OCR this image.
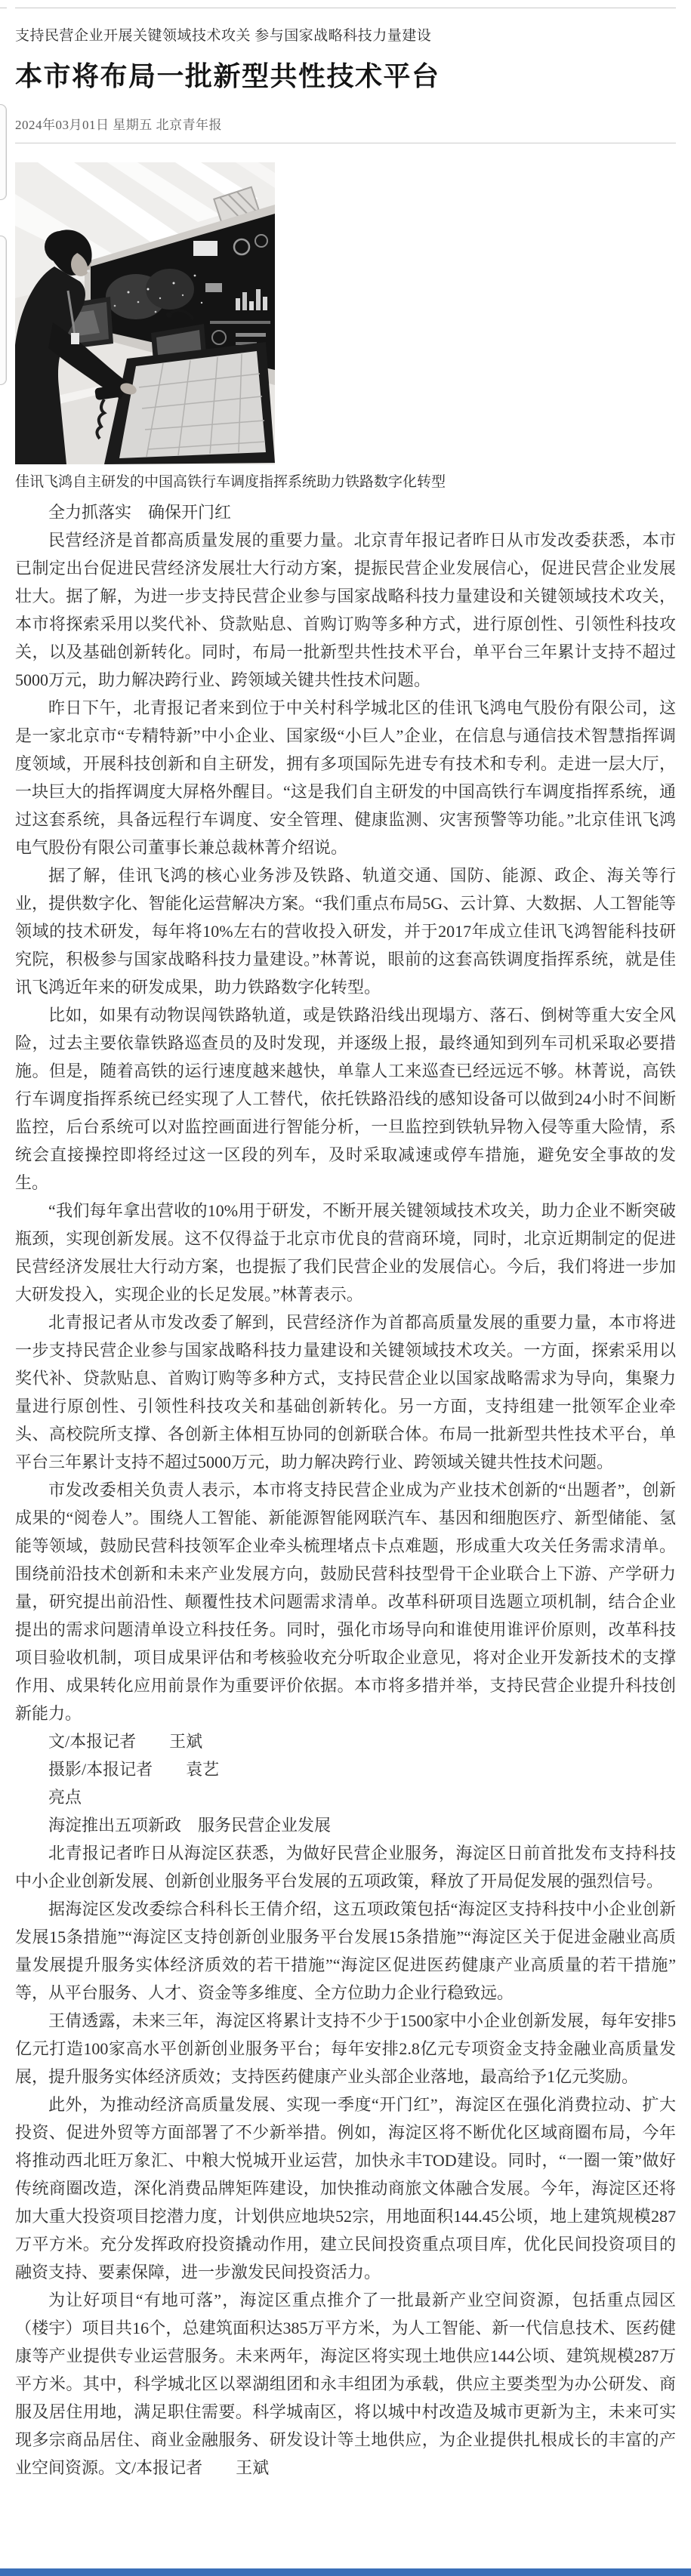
支持民营企业开展关键领域技术攻关 参与国家战略科技力量建设
本市将布局一批新型共性技术平台
2024年03月01日 星期五 北京青年报
佳讯飞鸿自主研发的中国高铁行车调度指挥系统助力铁路数字化转型

全力抓落实　确保开门红

民营经济是首都高质量发展的重要力量。北京青年报记者昨日从市发改委获悉，本市已制定出台促进民营经济发展壮大行动方案，提振民营企业发展信心，促进民营企业发展壮大。据了解，为进一步支持民营企业参与国家战略科技力量建设和关键领域技术攻关，本市将探索采用以奖代补、贷款贴息、首购订购等多种方式，进行原创性、引领性科技攻关，以及基础创新转化。同时，布局一批新型共性技术平台，单平台三年累计支持不超过5000万元，助力解决跨行业、跨领域关键共性技术问题。

昨日下午，北青报记者来到位于中关村科学城北区的佳讯飞鸿电气股份有限公司，这是一家北京市“专精特新”中小企业、国家级“小巨人”企业，在信息与通信技术智慧指挥调度领域，开展科技创新和自主研发，拥有多项国际先进专有技术和专利。走进一层大厅，一块巨大的指挥调度大屏格外醒目。“这是我们自主研发的中国高铁行车调度指挥系统，通过这套系统，具备远程行车调度、安全管理、健康监测、灾害预警等功能。”北京佳讯飞鸿电气股份有限公司董事长兼总裁林菁介绍说。

据了解，佳讯飞鸿的核心业务涉及铁路、轨道交通、国防、能源、政企、海关等行业，提供数字化、智能化运营解决方案。“我们重点布局5G、云计算、大数据、人工智能等领域的技术研发，每年将10%左右的营收投入研发，并于2017年成立佳讯飞鸿智能科技研究院，积极参与国家战略科技力量建设。”林菁说，眼前的这套高铁调度指挥系统，就是佳讯飞鸿近年来的研发成果，助力铁路数字化转型。

比如，如果有动物误闯铁路轨道，或是铁路沿线出现塌方、落石、倒树等重大安全风险，过去主要依靠铁路巡查员的及时发现，并逐级上报，最终通知到列车司机采取必要措施。但是，随着高铁的运行速度越来越快，单靠人工来巡查已经远远不够。林菁说，高铁行车调度指挥系统已经实现了人工替代，依托铁路沿线的感知设备可以做到24小时不间断监控，后台系统可以对监控画面进行智能分析，一旦监控到铁轨异物入侵等重大险情，系统会直接操控即将经过这一区段的列车，及时采取减速或停车措施，避免安全事故的发生。

“我们每年拿出营收的10%用于研发，不断开展关键领域技术攻关，助力企业不断突破瓶颈，实现创新发展。这不仅得益于北京市优良的营商环境，同时，北京近期制定的促进民营经济发展壮大行动方案，也提振了我们民营企业的发展信心。今后，我们将进一步加大研发投入，实现企业的长足发展。”林菁表示。

北青报记者从市发改委了解到，民营经济作为首都高质量发展的重要力量，本市将进一步支持民营企业参与国家战略科技力量建设和关键领域技术攻关。一方面，探索采用以奖代补、贷款贴息、首购订购等多种方式，支持民营企业以国家战略需求为导向，集聚力量进行原创性、引领性科技攻关和基础创新转化。另一方面，支持组建一批领军企业牵头、高校院所支撑、各创新主体相互协同的创新联合体。布局一批新型共性技术平台，单平台三年累计支持不超过5000万元，助力解决跨行业、跨领域关键共性技术问题。

市发改委相关负责人表示，本市将支持民营企业成为产业技术创新的“出题者”，创新成果的“阅卷人”。围绕人工智能、新能源智能网联汽车、基因和细胞医疗、新型储能、氢能等领域，鼓励民营科技领军企业牵头梳理堵点卡点难题，形成重大攻关任务需求清单。围绕前沿技术创新和未来产业发展方向，鼓励民营科技型骨干企业联合上下游、产学研力量，研究提出前沿性、颠覆性技术问题需求清单。改革科研项目选题立项机制，结合企业提出的需求问题清单设立科技任务。同时，强化市场导向和谁使用谁评价原则，改革科技项目验收机制，项目成果评估和考核验收充分听取企业意见，将对企业开发新技术的支撑作用、成果转化应用前景作为重要评价依据。本市将多措并举，支持民营企业提升科技创新能力。

文/本报记者　　王斌

摄影/本报记者　　袁艺

亮点

海淀推出五项新政　服务民营企业发展

北青报记者昨日从海淀区获悉，为做好民营企业服务，海淀区日前首批发布支持科技中小企业创新发展、创新创业服务平台发展的五项政策，释放了开局促发展的强烈信号。

据海淀区发改委综合科科长王倩介绍，这五项政策包括“海淀区支持科技中小企业创新发展15条措施”“海淀区支持创新创业服务平台发展15条措施”“海淀区关于促进金融业高质量发展提升服务实体经济质效的若干措施”“海淀区促进医药健康产业高质量的若干措施”等，从平台服务、人才、资金等多维度、全方位助力企业行稳致远。

王倩透露，未来三年，海淀区将累计支持不少于1500家中小企业创新发展，每年安排5亿元打造100家高水平创新创业服务平台；每年安排2.8亿元专项资金支持金融业高质量发展，提升服务实体经济质效；支持医药健康产业头部企业落地，最高给予1亿元奖励。

此外，为推动经济高质量发展、实现一季度“开门红”，海淀区在强化消费拉动、扩大投资、促进外贸等方面部署了不少新举措。例如，海淀区将不断优化区域商圈布局，今年将推动西北旺万象汇、中粮大悦城开业运营，加快永丰TOD建设。同时，“一圈一策”做好传统商圈改造，深化消费品牌矩阵建设，加快推动商旅文体融合发展。今年，海淀区还将加大重大投资项目挖潜力度，计划供应地块52宗，用地面积144.45公顷，地上建筑规模287万平方米。充分发挥政府投资撬动作用，建立民间投资重点项目库，优化民间投资项目的融资支持、要素保障，进一步激发民间投资活力。

为让好项目“有地可落”，海淀区重点推介了一批最新产业空间资源，包括重点园区（楼宇）项目共16个，总建筑面积达385万平方米，为人工智能、新一代信息技术、医药健康等产业提供专业运营服务。未来两年，海淀区将实现土地供应144公顷、建筑规模287万平方米。其中，科学城北区以翠湖组团和永丰组团为承载，供应主要类型为办公研发、商服及居住用地，满足职住需要。科学城南区，将以城中村改造及城市更新为主，未来可实现多宗商品居住、商业金融服务、研发设计等土地供应，为企业提供扎根成长的丰富的产业空间资源。文/本报记者　　王斌
